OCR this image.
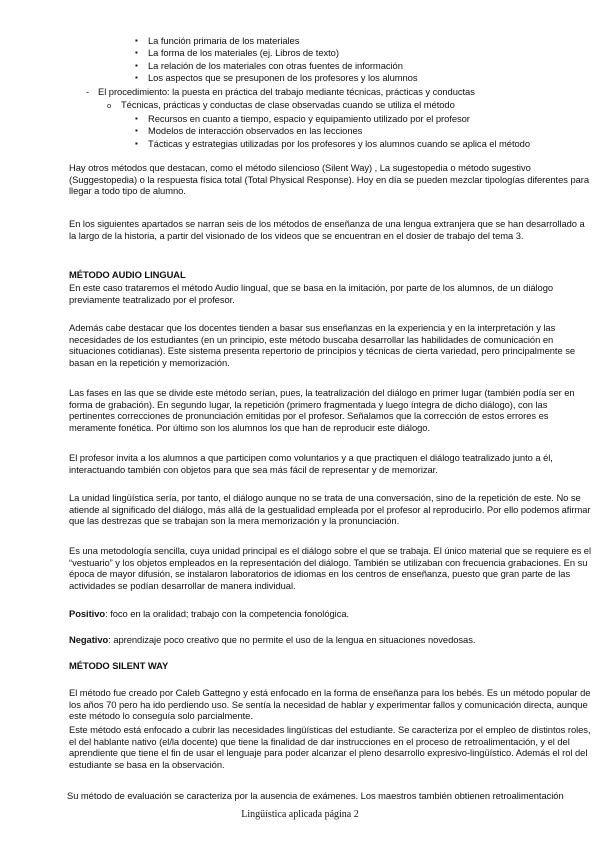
▪ La función primaria de los materiales
▪ La forma de los materiales (ej. Libros de texto)
▪ La relación de los materiales con otras fuentes de información
▪ Los aspectos que se presuponen de los profesores y los alumnos
- El procedimiento: la puesta en práctica del trabajo mediante técnicas, prácticas y conductas
o Técnicas, prácticas y conductas de clase observadas cuando se utiliza el método
▪ Recursos en cuanto a tiempo, espacio y equipamiento utilizado por el profesor
▪ Modelos de interacción observados en las lecciones
▪ Tácticas y estrategias utilizadas por los profesores y los alumnos cuando se aplica el método

Hay otros métodos que destacan, como el método silencioso (Silent Way) , La sugestopedia o método sugestivo (Suggestopedia) o la respuesta física total (Total Physical Response). Hoy en día se pueden mezclar tipologías diferentes para llegar a todo tipo de alumno.

En los siguientes apartados se narran seis de los métodos de enseñanza de una lengua extranjera que se han desarrollado a la largo de la historia, a partir del visionado de los videos que se encuentran en el dosier de trabajo del tema 3.

MÉTODO AUDIO LINGUAL

En este caso trataremos el método Audio lingual, que se basa en la imitación, por parte de los alumnos, de un diálogo previamente teatralizado por el profesor.

Además cabe destacar que los docentes tienden a basar sus enseñanzas en la experiencia y en la interpretación y las necesidades de los estudiantes (en un principio, este método buscaba desarrollar las habilidades de comunicación en situaciones cotidianas). Este sistema presenta repertorio de principios y técnicas de cierta variedad, pero principalmente se basan en la repetición y memorización.

Las fases en las que se divide este método serían, pues, la teatralización del diálogo en primer lugar (también podía ser en forma de grabación). En segundo lugar, la repetición (primero fragmentada y luego íntegra de dicho diálogo), con las pertinentes correcciones de pronunciación emitidas por el profesor. Señalamos que la corrección de estos errores es meramente fonética. Por último son los alumnos los que han de reproducir este diálogo.

El profesor invita a los alumnos a que participen como voluntarios y a que practiquen el diálogo teatralizado junto a él, interactuando también con objetos para que sea más fácil de representar y de memorizar.

La unidad lingüística sería, por tanto, el diálogo aunque no se trata de una conversación, sino de la repetición de este. No se atiende al significado del diálogo, más allá de la gestualidad empleada por el profesor al reproducirlo. Por ello podemos afirmar que las destrezas que se trabajan son la mera memorización y la pronunciación.

Es una metodología sencilla, cuya unidad principal es el diálogo sobre el que se trabaja. El único material que se requiere es el “vestuario” y los objetos empleados en la representación del diálogo. También se utilizaban con frecuencia grabaciones. En su época de mayor difusión, se instalaron laboratorios de idiomas en los centros de enseñanza, puesto que gran parte de las actividades se podían desarrollar de manera individual.

Positivo: foco en la oralidad; trabajo con la competencia fonológica.

Negativo: aprendizaje poco creativo que no permite el uso de la lengua en situaciones novedosas.

MÉTODO SILENT WAY

El método fue creado por Caleb Gattegno y está enfocado en la forma de enseñanza para los bebés. Es un método popular de los años 70 pero ha ido perdiendo uso. Se sentía la necesidad de hablar y experimentar fallos y comunicación directa, aunque este método lo conseguía solo parcialmente.

Este método está enfocado a cubrir las necesidades lingüísticas del estudiante. Se caracteriza por el empleo de distintos roles, el del hablante nativo (el/la docente) que tiene la finalidad de dar instrucciones en el proceso de retroalimentación, y el del aprendiente que tiene el fin de usar el lenguaje para poder alcanzar el pleno desarrollo expresivo-lingüístico. Además el rol del estudiante se basa en la observación.

Su método de evaluación se caracteriza por la ausencia de exámenes. Los maestros también obtienen retroalimentación

Lingüística aplicada página 2
